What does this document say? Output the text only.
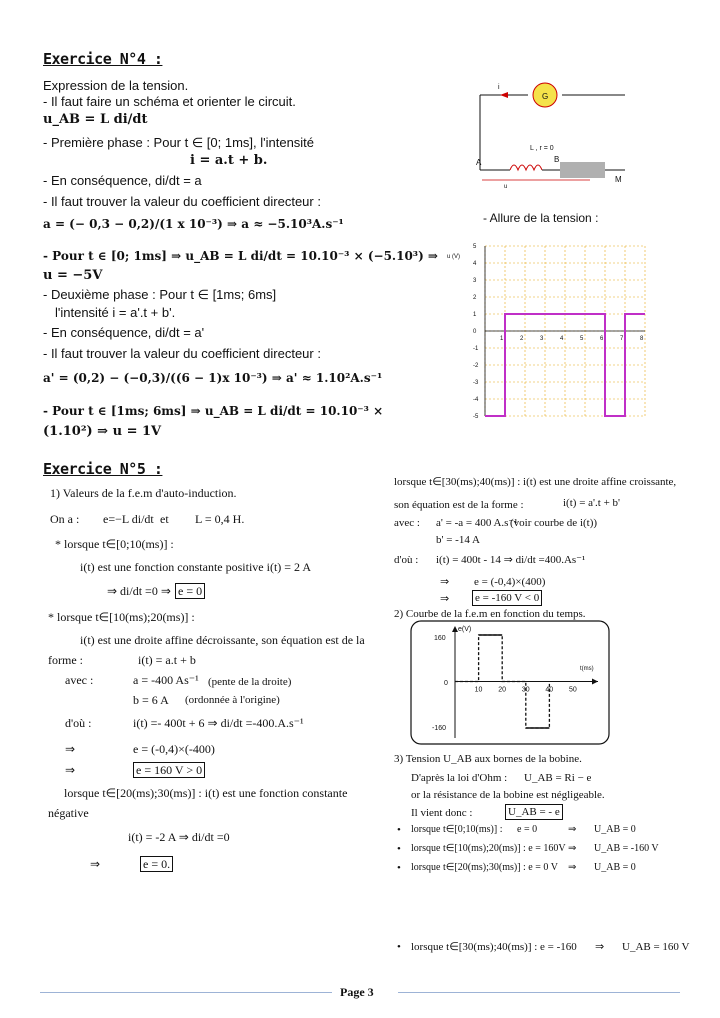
Exercice N°4 :
Expression de la tension.
- Il faut faire un schéma et orienter le circuit.
u_AB = L di/dt
- Première phase : Pour t ∈ [0; 1ms], l'intensité
i = a.t + b.
- En conséquence, di/dt = a
- Il faut trouver la valeur du coefficient directeur :
a = (− 0,3 − 0,2)/(1 x 10⁻³) ⇒ a ≈ −5.10³A.s⁻¹
- Pour t ∈ [0; 1ms] ⇒ u_AB = L di/dt = 10.10⁻³ × (−5.10³) ⇒
u = −5V
- Deuxième phase : Pour t ∈ [1ms; 6ms]
l'intensité i = a'.t + b'.
- En conséquence, di/dt = a'
- Il faut trouver la valeur du coefficient directeur :
a' = (0,2) − (−0,3)/((6 − 1)x 10⁻³) ⇒ a' ≈ 1.10²A.s⁻¹
- Pour t ∈ [1ms; 6ms] ⇒ u_AB = L di/dt = 10.10⁻³ ×
(1.10²) ⇒ u = 1V
G
i
L , r = 0
A	B
M
u
- Allure de la tension :
u (V)
5
4
3
2
1
0
-1
-2
-3
-4
-5
1	2	3	4	5	6	7	8
Exercice N°5 :
1) Valeurs de la f.e.m d'auto-induction.
On a : e=−L di/dt et L = 0,4 H.
* lorsque t∈[0;10(ms)] :
i(t) est une fonction constante positive i(t) = 2 A
⇒ di/dt =0 ⇒ e = 0
* lorsque t∈[10(ms);20(ms)] :
i(t) est une droite affine décroissante, son équation est de la
forme :	i(t) = a.t + b
avec :	a = -400 As⁻¹ (pente de la droite)
b = 6 A (ordonnée à l'origine)
d'où :	i(t) =- 400t + 6 ⇒ di/dt =-400.A.s⁻¹
⇒	e = (-0,4)×(-400)
⇒	e = 160 V > 0
lorsque t∈[20(ms);30(ms)] : i(t) est une fonction constante
négative
i(t) = -2 A ⇒ di/dt =0
⇒	e = 0.
lorsque t∈[30(ms);40(ms)] : i(t) est une droite affine croissante,
son équation est de la forme :	i(t) = a'.t + b'
avec : a' = -a = 400 A.s⁻¹
(voir courbe de i(t))
b' = -14 A
d'où : i(t) = 400t - 14 ⇒ di/dt =400.As⁻¹
⇒ e = (-0,4)×(400)
⇒ e = -160 V < 0
2) Courbe de la f.e.m en fonction du temps.
e(V)
t(ms)
160
0
-160
10 20 30 40 50
3) Tension U_AB aux bornes de la bobine.
D'après la loi d'Ohm : U_AB = Ri − e
or la résistance de la bobine est négligeable.
Il vient donc :	U_AB = - e
• lorsque t∈[0;10(ms)] : e = 0	⇒ U_AB = 0
• lorsque t∈[10(ms);20(ms)] : e = 160V ⇒ U_AB = -160 V
• lorsque t∈[20(ms);30(ms)] : e = 0 V ⇒ U_AB = 0
• lorsque t∈[30(ms);40(ms)] : e = -160 ⇒ U_AB = 160 V
Page 3
